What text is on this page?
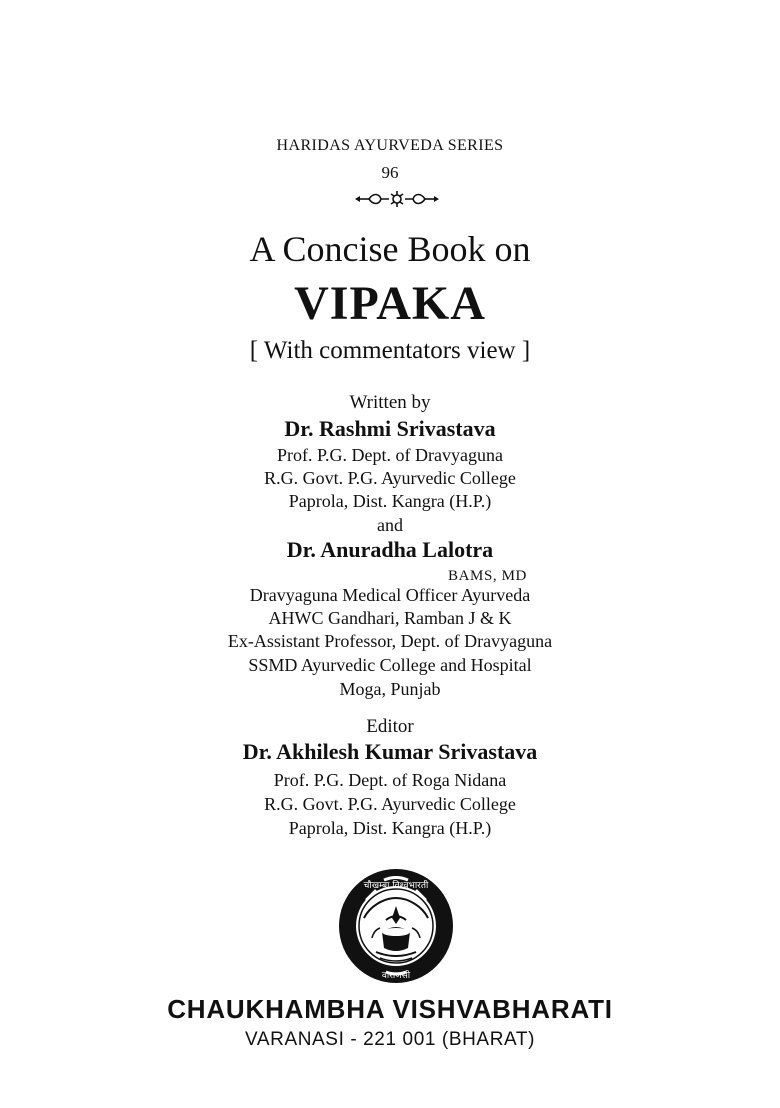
HARIDAS AYURVEDA SERIES
96
A Concise Book on
VIPAKA
[ With commentators view ]
Written by
Dr. Rashmi Srivastava
Prof. P.G. Dept. of Dravyaguna
R.G. Govt. P.G. Ayurvedic College
Paprola, Dist. Kangra (H.P.)
and
Dr. Anuradha Lalotra
BAMS, MD
Dravyaguna Medical Officer Ayurveda
AHWC Gandhari, Ramban J & K
Ex-Assistant Professor, Dept. of Dravyaguna
SSMD Ayurvedic College and Hospital
Moga, Punjab
Editor
Dr. Akhilesh Kumar Srivastava
Prof. P.G. Dept. of Roga Nidana
R.G. Govt. P.G. Ayurvedic College
Paprola, Dist. Kangra (H.P.)
चौखम्बा विश्वभारती
वाराणसी
CHAUKHAMBHA VISHVABHARATI
VARANASI - 221 001 (BHARAT)
